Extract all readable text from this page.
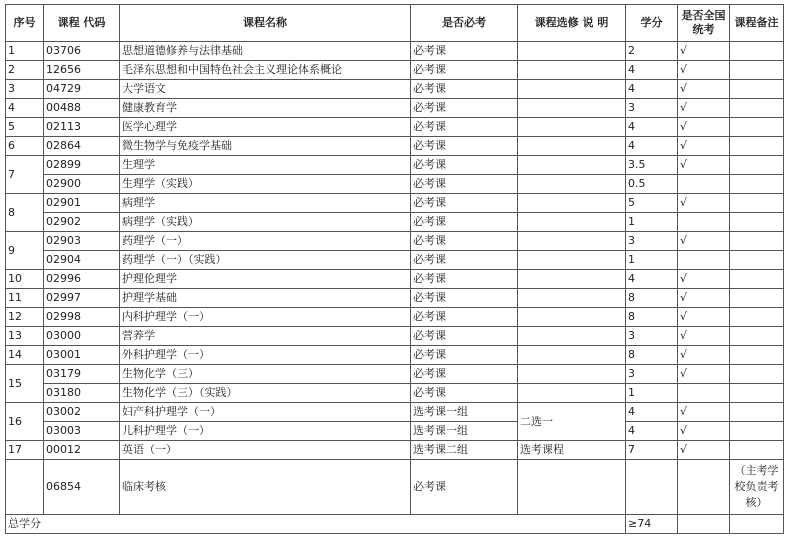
序号	课程 代码	课程名称	是否必考	课程选修 说 明	学分	是否全国统考	课程备注
1	03706	思想道德修养与法律基础	必考课		2	√	
2	12656	毛泽东思想和中国特色社会主义理论体系概论	必考课		4	√	
3	04729	大学语文	必考课		4	√	
4	00488	健康教育学	必考课		3	√	
5	02113	医学心理学	必考课		4	√	
6	02864	微生物学与免疫学基础	必考课		4	√	
7	02899	生理学	必考课		3.5	√	
	02900	生理学（实践）	必考课		0.5		
8	02901	病理学	必考课		5	√	
	02902	病理学（实践）	必考课		1		
9	02903	药理学（一）	必考课		3	√	
	02904	药理学（一）（实践）	必考课		1		
10	02996	护理伦理学	必考课		4	√	
11	02997	护理学基础	必考课		8	√	
12	02998	内科护理学（一）	必考课		8	√	
13	03000	营养学	必考课		3	√	
14	03001	外科护理学（一）	必考课		8	√	
15	03179	生物化学（三）	必考课		3	√	
	03180	生物化学（三）（实践）	必考课		1		
16	03002	妇产科护理学（一）	选考课一组	二选一	4	√	
	03003	儿科护理学（一）	选考课一组		4	√	
17	00012	英语（一）	选考课二组	选考课程	7	√	
	06854	临床考核	必考课				（主考学校负责考核）
总学分					≥74		
